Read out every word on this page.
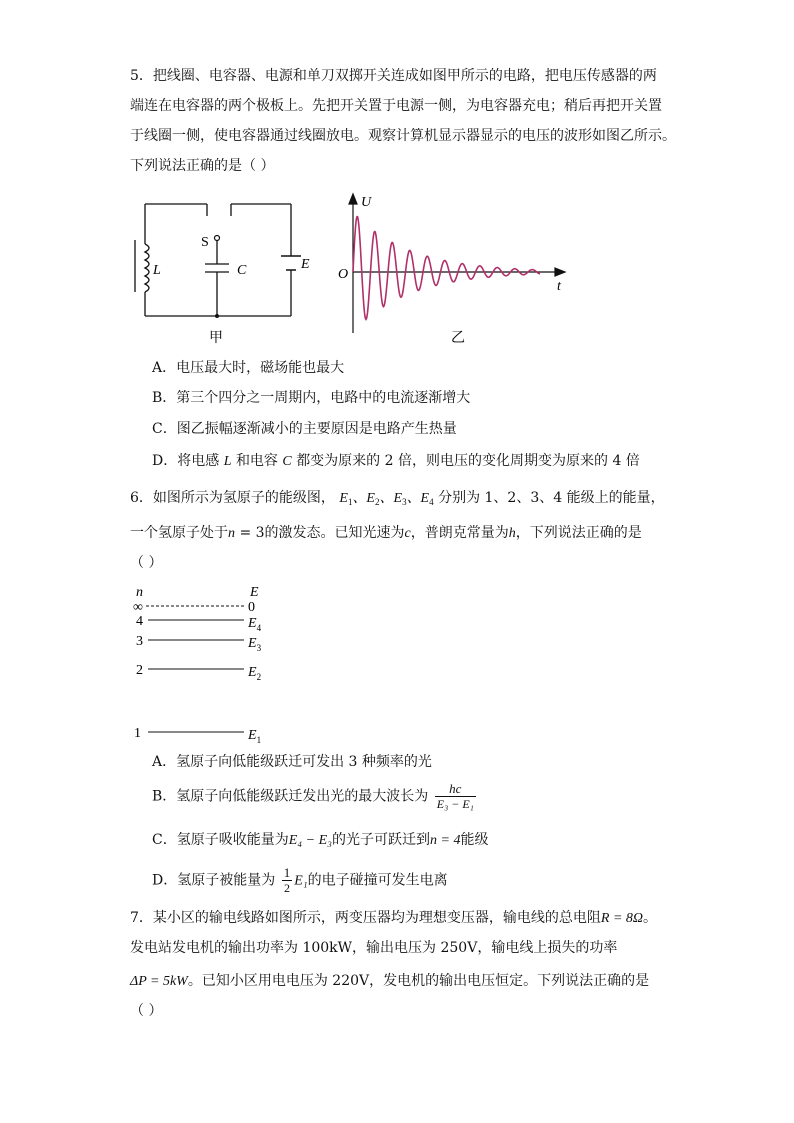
5．把线圈、电容器、电源和单刀双掷开关连成如图甲所示的电路，把电压传感器的两
端连在电容器的两个极板上。先把开关置于电源一侧，为电容器充电；稍后再把开关置
于线圈一侧，使电容器通过线圈放电。观察计算机显示器显示的电压的波形如图乙所示。
下列说法正确的是（ ）
S
L	C	E
甲
U
O
t
乙
A．电压最大时，磁场能也最大
B．第三个四分之一周期内，电路中的电流逐渐增大
C．图乙振幅逐渐减小的主要原因是电路产生热量
D．将电感 L 和电容 C 都变为原来的 2 倍，则电压的变化周期变为原来的 4 倍
6．如图所示为氢原子的能级图， $E_1$、$E_2$、$E_3$、$E_4$ 分别为 1、2、3、4 能级上的能量，
一个氢原子处于n = 3的激发态。已知光速为c，普朗克常量为h，下列说法正确的是
（ ）
n	E
∞	0
4	$E_4$
3	$E_3$
2	$E_2$
1	$E_1$
A．氢原子向低能级跃迁可发出 3 种频率的光
B．氢原子向低能级跃迁发出光的最大波长为 $\frac{hc}{\text{E₃ − E₁}}$
C．氢原子吸收能量为E₄ − E₃的光子可跃迁到n = 4能级
D．氢原子被能量为 $\frac{1}{2} E_1$的电子碰撞可发生电离
7．某小区的输电线路如图所示，两变压器均为理想变压器，输电线的总电阻R = 8Ω。
发电站发电机的输出功率为 100kW，输出电压为 250V，输电线上损失的功率
ΔP = 5kW。已知小区用电电压为 220V，发电机的输出电压恒定。下列说法正确的是
（ ）
